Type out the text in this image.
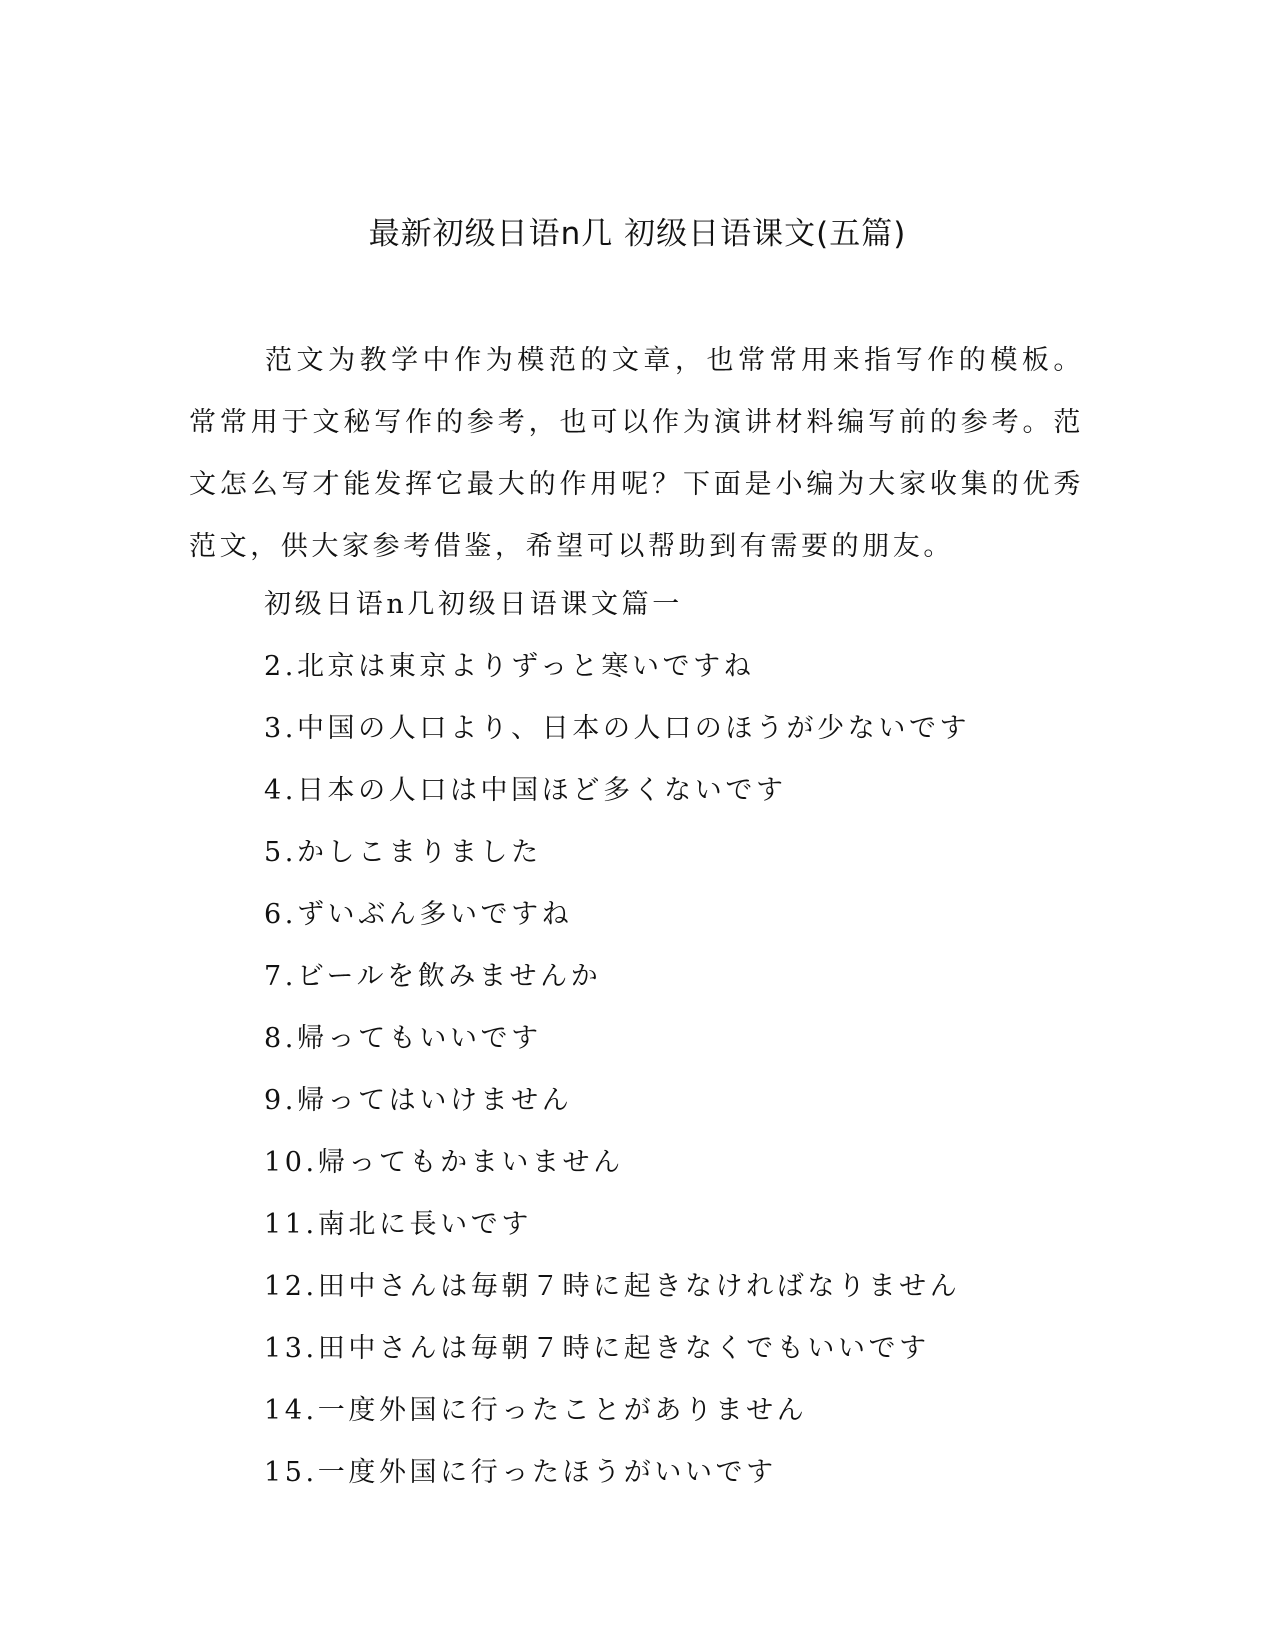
最新初级日语n几 初级日语课文(五篇)

范文为教学中作为模范的文章，也常常用来指写作的模板。常常用于文秘写作的参考，也可以作为演讲材料编写前的参考。范文怎么写才能发挥它最大的作用呢？下面是小编为大家收集的优秀范文，供大家参考借鉴，希望可以帮助到有需要的朋友。

初级日语n几初级日语课文篇一
2.北京は東京よりずっと寒いですね
3.中国の人口より、日本の人口のほうが少ないです
4.日本の人口は中国ほど多くないです
5.かしこまりました
6.ずいぶん多いですね
7.ビールを飲みませんか
8.帰ってもいいです
9.帰ってはいけません
10.帰ってもかまいません
11.南北に長いです
12.田中さんは毎朝７時に起きなければなりません
13.田中さんは毎朝７時に起きなくでもいいです
14.一度外国に行ったことがありません
15.一度外国に行ったほうがいいです
